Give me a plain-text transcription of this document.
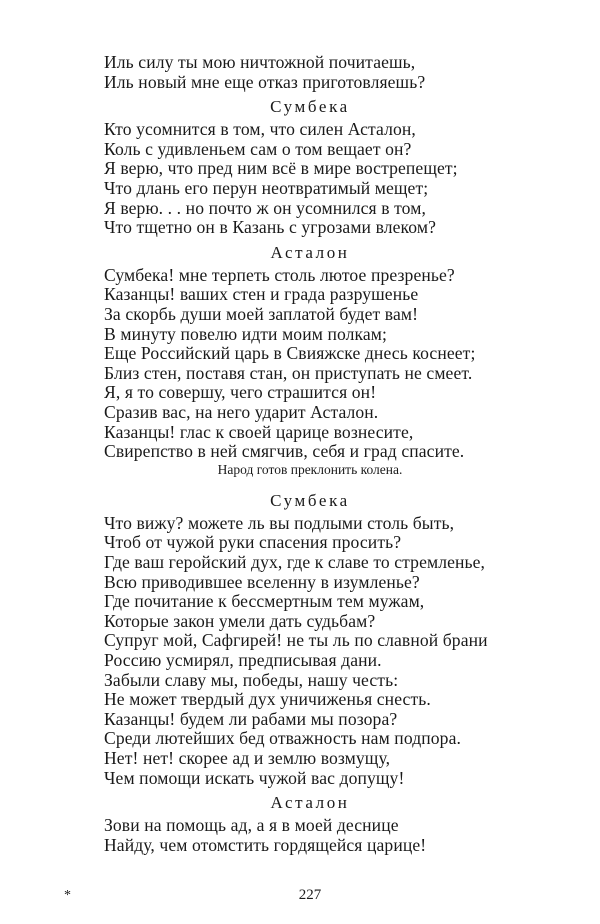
Иль силу ты мою ничтожной почитаешь,
Иль новый мне еще отказ приготовляешь?
Сумбека
Кто усомнится в том, что силен Асталон,
Коль с удивленьем сам о том вещает он?
Я верю, что пред ним всё в мире вострепещет;
Что длань его перун неотвратимый мещет;
Я верю. . . но почто ж он усомнился в том,
Что тщетно он в Казань с угрозами влеком?
Асталон
Сумбека! мне терпеть столь лютое презренье?
Казанцы! ваших стен и града разрушенье
За скорбь души моей заплатой будет вам!
В минуту повелю идти моим полкам;
Еще Российский царь в Свияжске днесь коснеет;
Близ стен, поставя стан, он приступать не смеет.
Я, я то совершу, чего страшится он!
Сразив вас, на него ударит Асталон.
Казанцы! глас к своей царице вознесите,
Свирепство в ней смягчив, себя и град спасите.
Народ готов преклонить колена.
Сумбека
Что вижу? можете ль вы подлыми столь быть,
Чтоб от чужой руки спасения просить?
Где ваш геройский дух, где к славе то стремленье,
Всю приводившее вселенну в изумленье?
Где почитание к бессмертным тем мужам,
Которые закон умели дать судьбам?
Супруг мой, Сафгирей! не ты ль по славной брани
Россию усмирял, предписывая дани.
Забыли славу мы, победы, нашу честь:
Не может твердый дух уничиженья снесть.
Казанцы! будем ли рабами мы позора?
Среди лютейших бед отважность нам подпора.
Нет! нет! скорее ад и землю возмущу,
Чем помощи искать чужой вас допущу!
Асталон
Зови на помощь ад, а я в моей деснице
Найду, чем отомстить гордящейся царице!
*	227
